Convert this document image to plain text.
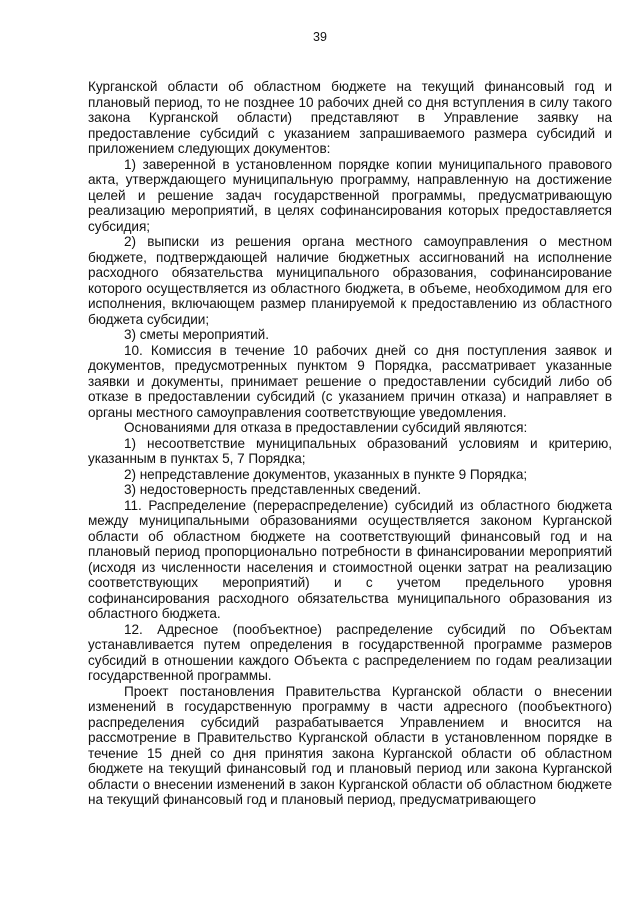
39

Курганской области об областном бюджете на текущий финансовый год и плановый период, то не позднее 10 рабочих дней со дня вступления в силу такого закона Курганской области) представляют в Управление заявку на предоставление субсидий с указанием запрашиваемого размера субсидий и приложением следующих документов:

1) заверенной в установленном порядке копии муниципального правового акта, утверждающего муниципальную программу, направленную на достижение целей и решение задач государственной программы, предусматривающую реализацию мероприятий, в целях софинансирования которых предоставляется субсидия;

2) выписки из решения органа местного самоуправления о местном бюджете, подтверждающей наличие бюджетных ассигнований на исполнение расходного обязательства муниципального образования, софинансирование которого осуществляется из областного бюджета, в объеме, необходимом для его исполнения, включающем размер планируемой к предоставлению из областного бюджета субсидии;

3) сметы мероприятий.

10. Комиссия в течение 10 рабочих дней со дня поступления заявок и документов, предусмотренных пунктом 9 Порядка, рассматривает указанные заявки и документы, принимает решение о предоставлении субсидий либо об отказе в предоставлении субсидий (с указанием причин отказа) и направляет в органы местного самоуправления соответствующие уведомления.

Основаниями для отказа в предоставлении субсидий являются:

1) несоответствие муниципальных образований условиям и критерию, указанным в пунктах 5, 7 Порядка;

2) непредставление документов, указанных в пункте 9 Порядка;

3) недостоверность представленных сведений.

11. Распределение (перераспределение) субсидий из областного бюджета между муниципальными образованиями осуществляется законом Курганской области об областном бюджете на соответствующий финансовый год и на плановый период пропорционально потребности в финансировании мероприятий (исходя из численности населения и стоимостной оценки затрат на реализацию соответствующих мероприятий) и с учетом предельного уровня софинансирования расходного обязательства муниципального образования из областного бюджета.

12. Адресное (пообъектное) распределение субсидий по Объектам устанавливается путем определения в государственной программе размеров субсидий в отношении каждого Объекта с распределением по годам реализации государственной программы.

Проект постановления Правительства Курганской области о внесении изменений в государственную программу в части адресного (пообъектного) распределения субсидий разрабатывается Управлением и вносится на рассмотрение в Правительство Курганской области в установленном порядке в течение 15 дней со дня принятия закона Курганской области об областном бюджете на текущий финансовый год и плановый период или закона Курганской области о внесении изменений в закон Курганской области об областном бюджете на текущий финансовый год и плановый период, предусматривающего
